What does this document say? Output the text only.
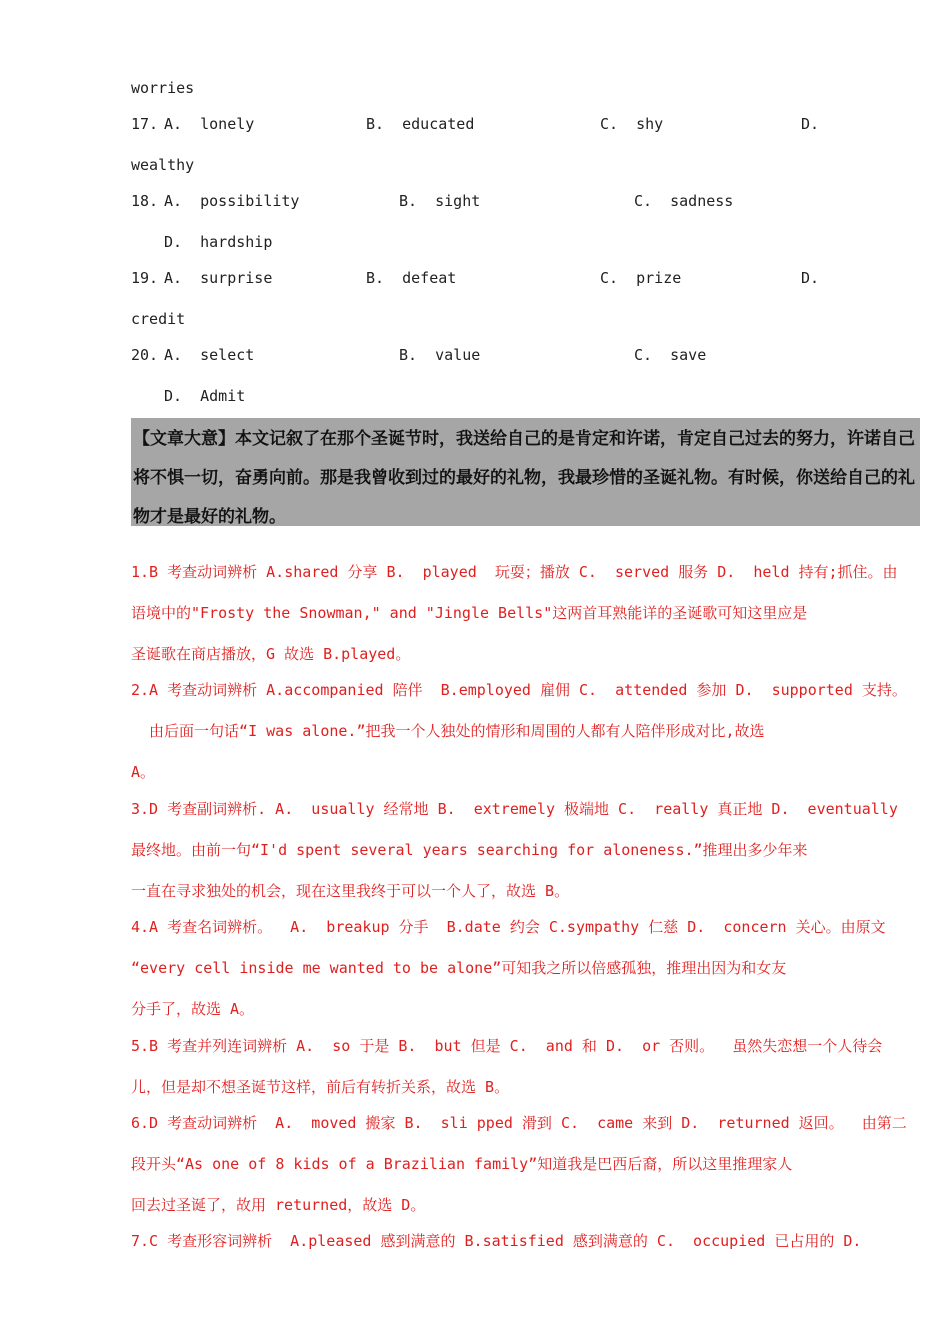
worries
17. A.  lonely	B.  educated	C.  shy	D.
wealthy
18. A.  possibility	B.  sight	C.  sadness
D.  hardship
19. A.  surprise	B.  defeat	C.  prize	D.
credit
20. A.  select	B.  value	C.  save
D.  Admit
【文章大意】本文记叙了在那个圣诞节时，我送给自己的是肯定和许诺，肯定自己过去的努力，许诺自己将不惧一切，奋勇向前。那是我曾收到过的最好的礼物，我最珍惜的圣诞礼物。有时候，你送给自己的礼物才是最好的礼物。
1.B 考查动词辨析 A.shared 分享 B.  played  玩耍；播放 C.  served 服务 D.  held 持有;抓住。由
语境中的"Frosty the Snowman," and "Jingle Bells"这两首耳熟能详的圣诞歌可知这里应是
圣诞歌在商店播放，G 故选 B.played。
2.A 考查动词辨析 A.accompanied 陪伴  B.employed 雇佣 C.  attended 参加 D.  supported 支持。
由后面一句话“I was alone.”把我一个人独处的情形和周围的人都有人陪伴形成对比,故选
A。
3.D 考查副词辨析. A.  usually 经常地 B.  extremely 极端地 C.  really 真正地 D.  eventually
最终地。由前一句“I'd spent several years searching for aloneness.”推理出多少年来
一直在寻求独处的机会，现在这里我终于可以一个人了，故选 B。
4.A 考查名词辨析。  A.  breakup 分手  B.date 约会 C.sympathy 仁慈 D.  concern 关心。由原文
“every cell inside me wanted to be alone”可知我之所以倍感孤独，推理出因为和女友
分手了，故选 A。
5.B 考查并列连词辨析 A.  so 于是 B.  but 但是 C.  and 和 D.  or 否则。  虽然失恋想一个人待会
儿，但是却不想圣诞节这样，前后有转折关系，故选 B。
6.D 考查动词辨析  A.  moved 搬家 B.  sli pped 滑到 C.  came 来到 D.  returned 返回。  由第二
段开头“As one of 8 kids of a Brazilian family”知道我是巴西后裔，所以这里推理家人
回去过圣诞了，故用 returned，故选 D。
7.C 考查形容词辨析  A.pleased 感到满意的 B.satisfied 感到满意的 C.  occupied 已占用的 D.
